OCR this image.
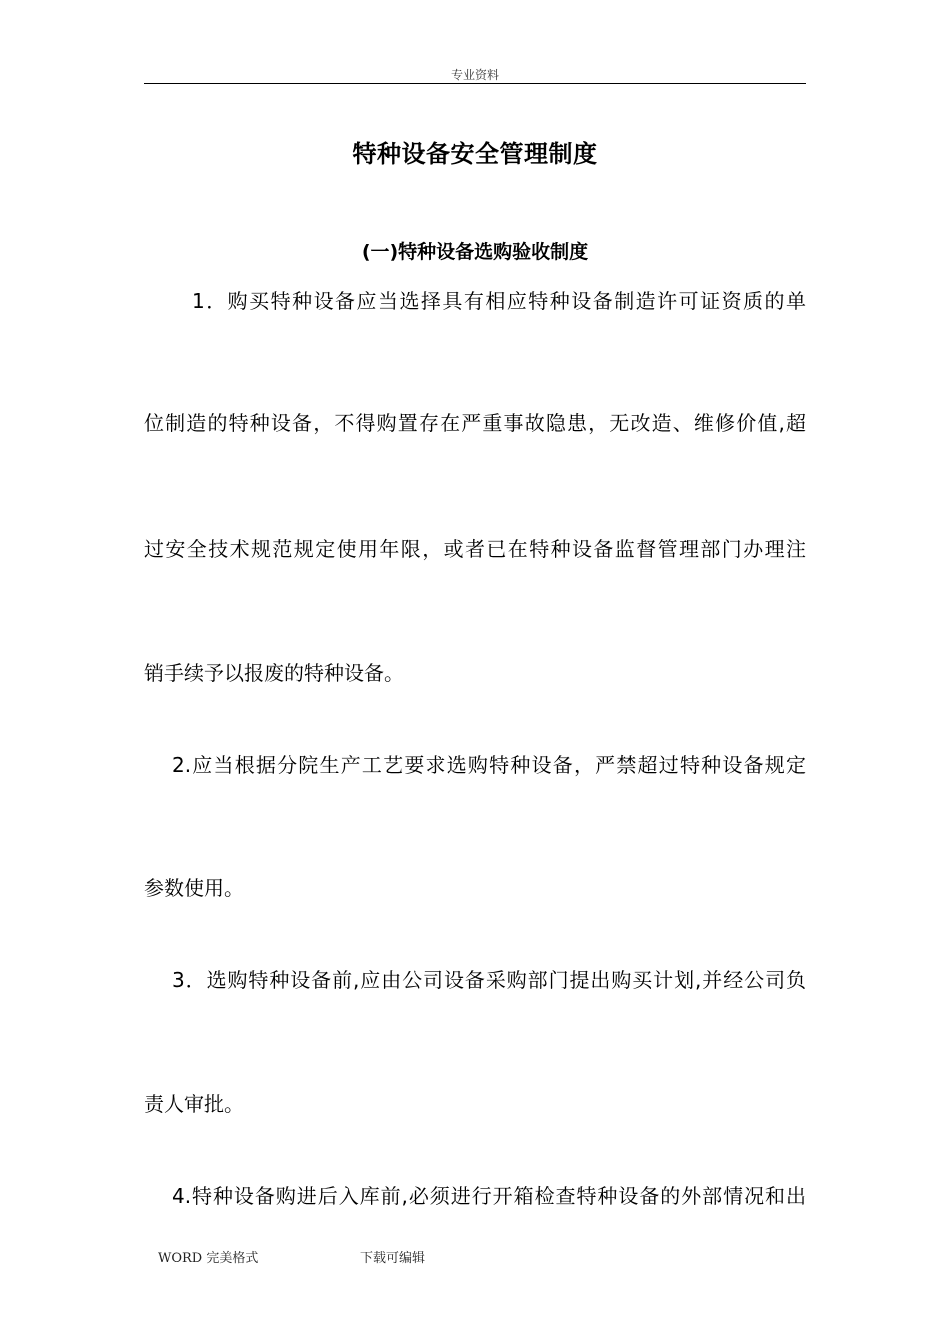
专业资料
特种设备安全管理制度
(一)特种设备选购验收制度
1．购买特种设备应当选择具有相应特种设备制造许可证资质的单
位制造的特种设备，不得购置存在严重事故隐患，无改造、维修价值,超
过安全技术规范规定使用年限，或者已在特种设备监督管理部门办理注
销手续予以报废的特种设备。
2.应当根据分院生产工艺要求选购特种设备，严禁超过特种设备规定
参数使用。
3．选购特种设备前,应由公司设备采购部门提出购买计划,并经公司负
责人审批。
4.特种设备购进后入库前,必须进行开箱检查特种设备的外部情况和出
WORD 完美格式	下载可编辑
